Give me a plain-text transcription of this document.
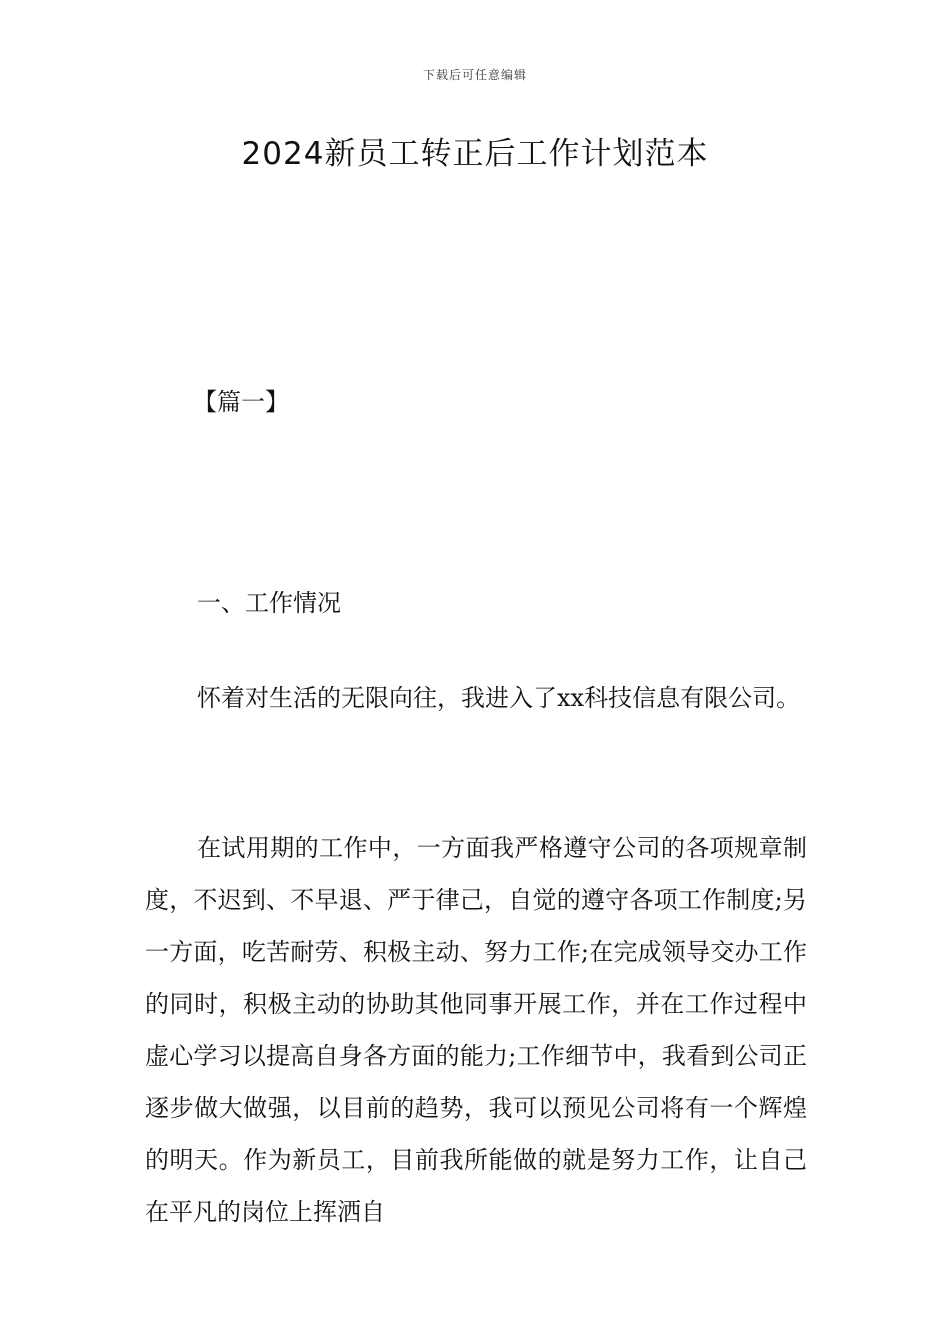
下载后可任意编辑
2024新员工转正后工作计划范本
【篇一】
一、工作情况

怀着对生活的无限向往，我进入了xx科技信息有限公司。

在试用期的工作中，一方面我严格遵守公司的各项规章制度，不迟到、不早退、严于律己，自觉的遵守各项工作制度;另一方面，吃苦耐劳、积极主动、努力工作;在完成领导交办工作的同时，积极主动的协助其他同事开展工作，并在工作过程中虚心学习以提高自身各方面的能力;工作细节中，我看到公司正逐步做大做强，以目前的趋势，我可以预见公司将有一个辉煌的明天。作为新员工，目前我所能做的就是努力工作，让自己在平凡的岗位上挥洒自
